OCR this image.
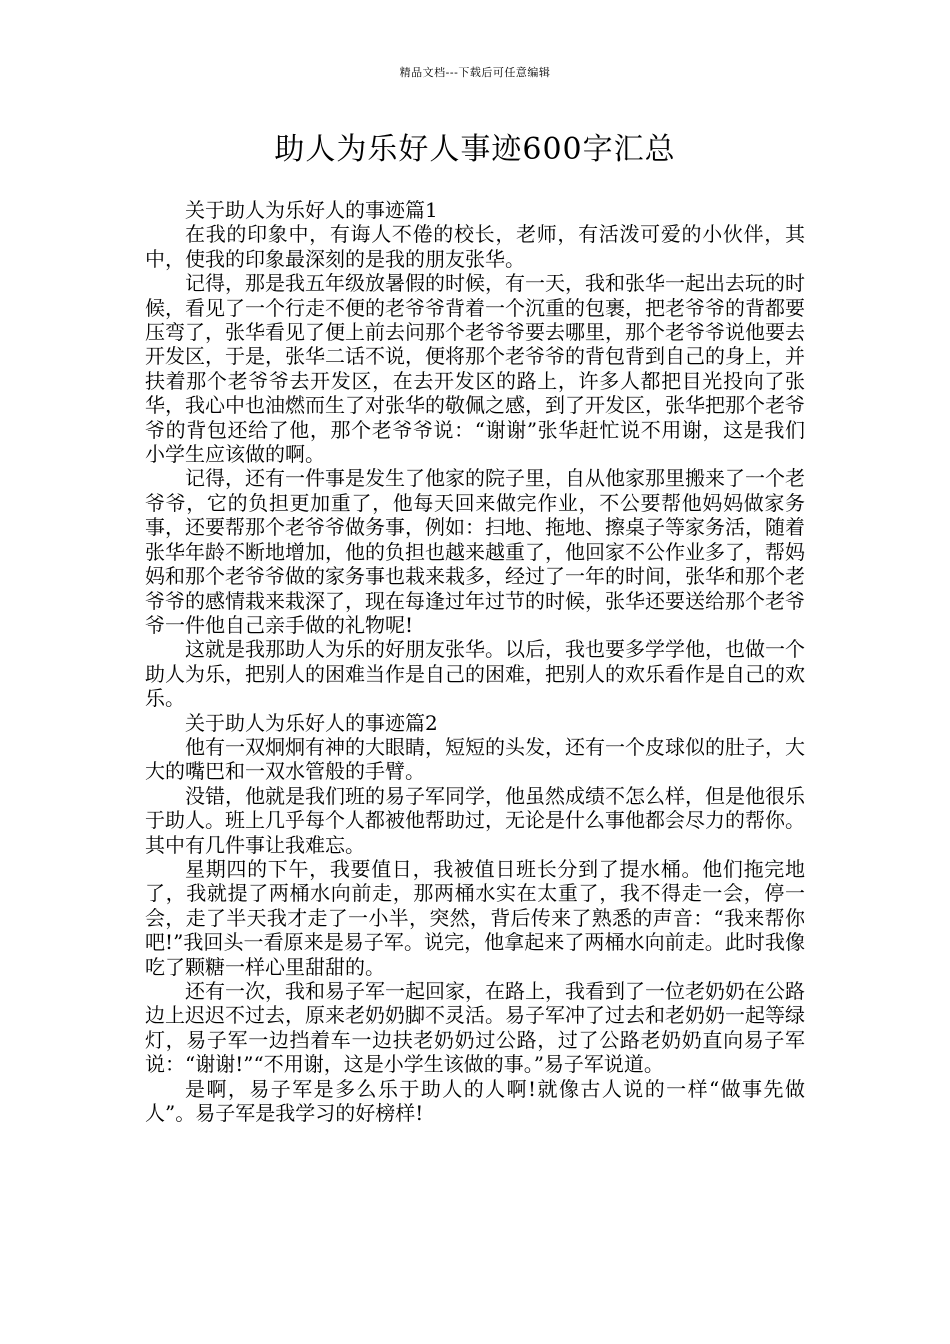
精品文档---下载后可任意编辑
助人为乐好人事迹600字汇总

关于助人为乐好人的事迹篇1

在我的印象中，有诲人不倦的校长，老师，有活泼可爱的小伙伴，其中，使我的印象最深刻的是我的朋友张华。

记得，那是我五年级放暑假的时候，有一天，我和张华一起出去玩的时候，看见了一个行走不便的老爷爷背着一个沉重的包裹，把老爷爷的背都要压弯了，张华看见了便上前去问那个老爷爷要去哪里，那个老爷爷说他要去开发区，于是，张华二话不说，便将那个老爷爷的背包背到自己的身上，并扶着那个老爷爷去开发区，在去开发区的路上，许多人都把目光投向了张华，我心中也油燃而生了对张华的敬佩之感，到了开发区，张华把那个老爷爷的背包还给了他，那个老爷爷说：“谢谢”张华赶忙说不用谢，这是我们小学生应该做的啊。

记得，还有一件事是发生了他家的院子里，自从他家那里搬来了一个老爷爷，它的负担更加重了，他每天回来做完作业，不公要帮他妈妈做家务事，还要帮那个老爷爷做务事，例如：扫地、拖地、擦桌子等家务活，随着张华年龄不断地增加，他的负担也越来越重了，他回家不公作业多了，帮妈妈和那个老爷爷做的家务事也栽来栽多，经过了一年的时间，张华和那个老爷爷的感情栽来栽深了，现在每逢过年过节的时候，张华还要送给那个老爷爷一件他自己亲手做的礼物呢!

这就是我那助人为乐的好朋友张华。以后，我也要多学学他，也做一个助人为乐，把别人的困难当作是自己的困难，把别人的欢乐看作是自己的欢乐。

关于助人为乐好人的事迹篇2

他有一双炯炯有神的大眼睛，短短的头发，还有一个皮球似的肚子，大大的嘴巴和一双水管般的手臂。

没错，他就是我们班的易子军同学，他虽然成绩不怎么样，但是他很乐于助人。班上几乎每个人都被他帮助过，无论是什么事他都会尽力的帮你。其中有几件事让我难忘。

星期四的下午，我要值日，我被值日班长分到了提水桶。他们拖完地了，我就提了两桶水向前走，那两桶水实在太重了，我不得走一会，停一会，走了半天我才走了一小半，突然，背后传来了熟悉的声音：“我来帮你吧!”我回头一看原来是易子军。说完，他拿起来了两桶水向前走。此时我像吃了颗糖一样心里甜甜的。

还有一次，我和易子军一起回家，在路上，我看到了一位老奶奶在公路边上迟迟不过去，原来老奶奶脚不灵活。易子军冲了过去和老奶奶一起等绿灯，易子军一边挡着车一边扶老奶奶过公路，过了公路老奶奶直向易子军说：“谢谢!”“不用谢，这是小学生该做的事。”易子军说道。

是啊，易子军是多么乐于助人的人啊!就像古人说的一样“做事先做人”。易子军是我学习的好榜样!
